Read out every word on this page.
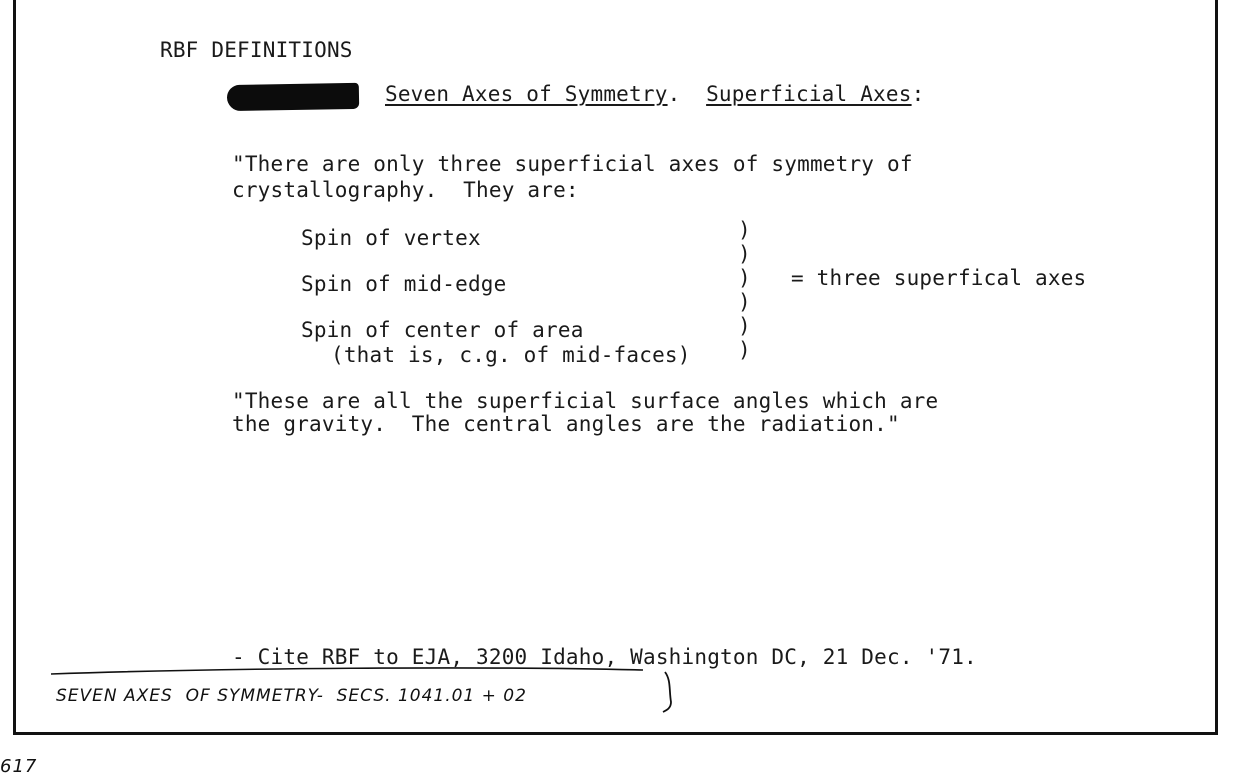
RBF DEFINITIONS
Seven Axes of Symmetry. Superficial Axes:
"There are only three superficial axes of symmetry of
crystallography.  They are:
Spin of vertex
Spin of mid-edge
Spin of center of area
(that is, c.g. of mid-faces)
)
)
)
)
)
)
= three superfical axes
"These are all the superficial surface angles which are
the gravity.  The central angles are the radiation."
- Cite RBF to EJA, 3200 Idaho, Washington DC, 21 Dec. '71.
SEVEN AXES  OF SYMMETRY-  SECS. 1041.01 + 02
617
